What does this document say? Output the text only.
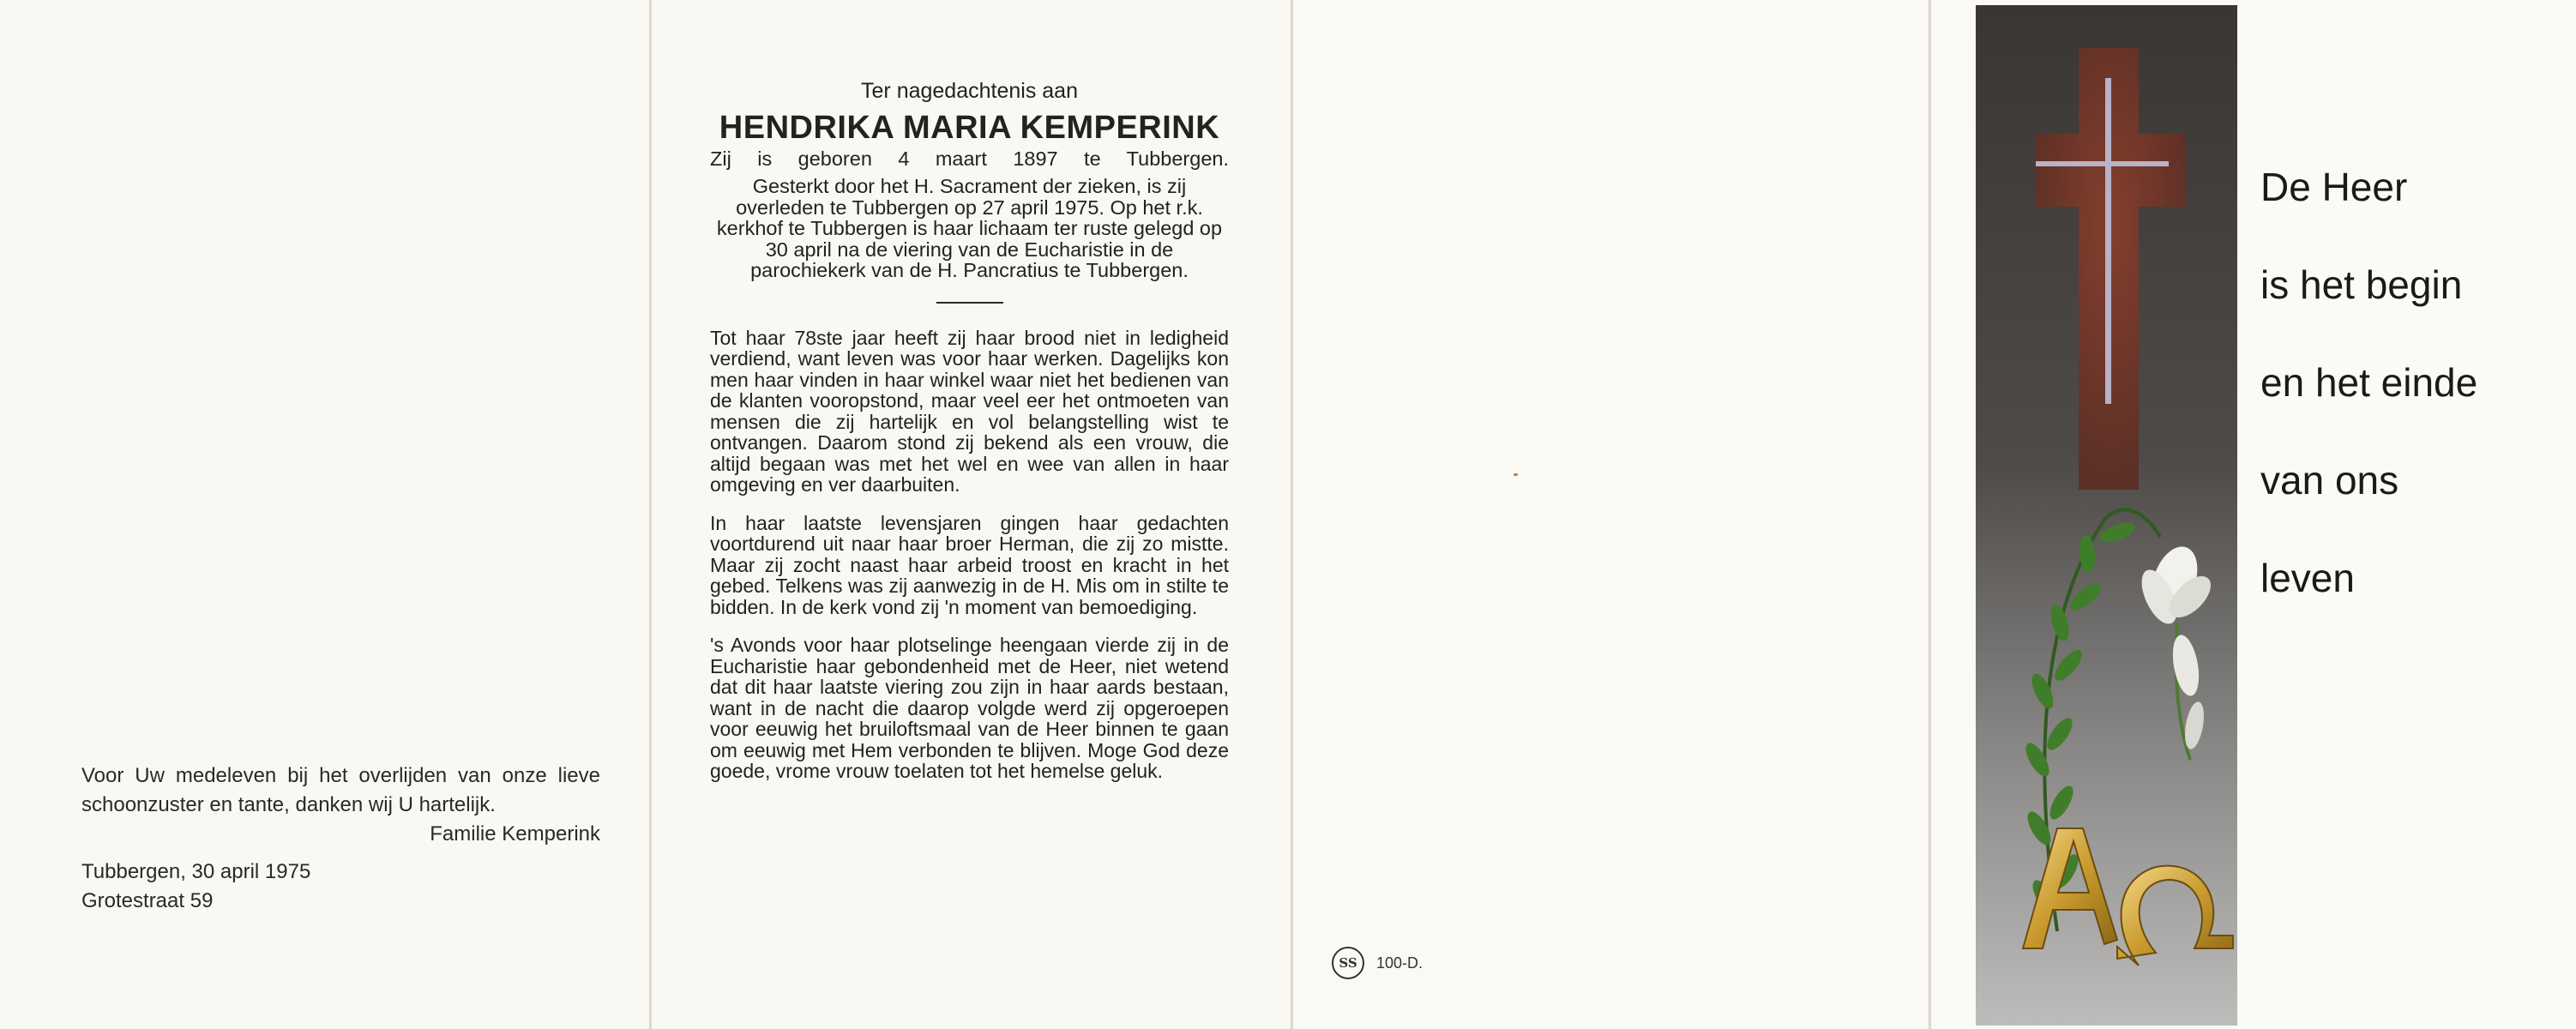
Voor Uw medeleven bij het overlijden van onze lieve schoonzuster en tante, danken wij U hartelijk.

Familie Kemperink

Tubbergen, 30 april 1975

Grotestraat 59

Ter nagedachtenis aan
HENDRIKA MARIA KEMPERINK

Zij is geboren 4 maart 1897 te Tubbergen.

Gesterkt door het H. Sacrament der zieken, is zij overleden te Tubbergen op 27 april 1975. Op het r.k. kerkhof te Tubbergen is haar lichaam ter ruste gelegd op 30 april na de viering van de Eucharistie in de parochiekerk van de H. Pancratius te Tubbergen.

Tot haar 78ste jaar heeft zij haar brood niet in ledigheid verdiend, want leven was voor haar werken. Dagelijks kon men haar vinden in haar winkel waar niet het bedienen van de klanten vooropstond, maar veel eer het ontmoeten van mensen die zij hartelijk en vol belangstelling wist te ontvangen. Daarom stond zij bekend als een vrouw, die altijd begaan was met het wel en wee van allen in haar omgeving en ver daarbuiten.

In haar laatste levensjaren gingen haar gedachten voortdurend uit naar haar broer Herman, die zij zo mistte. Maar zij zocht naast haar arbeid troost en kracht in het gebed. Telkens was zij aanwezig in de H. Mis om in stilte te bidden. In de kerk vond zij 'n moment van bemoediging.

's Avonds voor haar plotselinge heengaan vierde zij in de Eucharistie haar gebondenheid met de Heer, niet wetend dat dit haar laatste viering zou zijn in haar aards bestaan, want in de nacht die daarop volgde werd zij opgeroepen voor eeuwig het bruiloftsmaal van de Heer binnen te gaan om eeuwig met Hem verbonden te blijven. Moge God deze goede, vrome vrouw toelaten tot het hemelse geluk.

SS	100-D.
De Heer
is het begin
en het einde
van ons
leven
